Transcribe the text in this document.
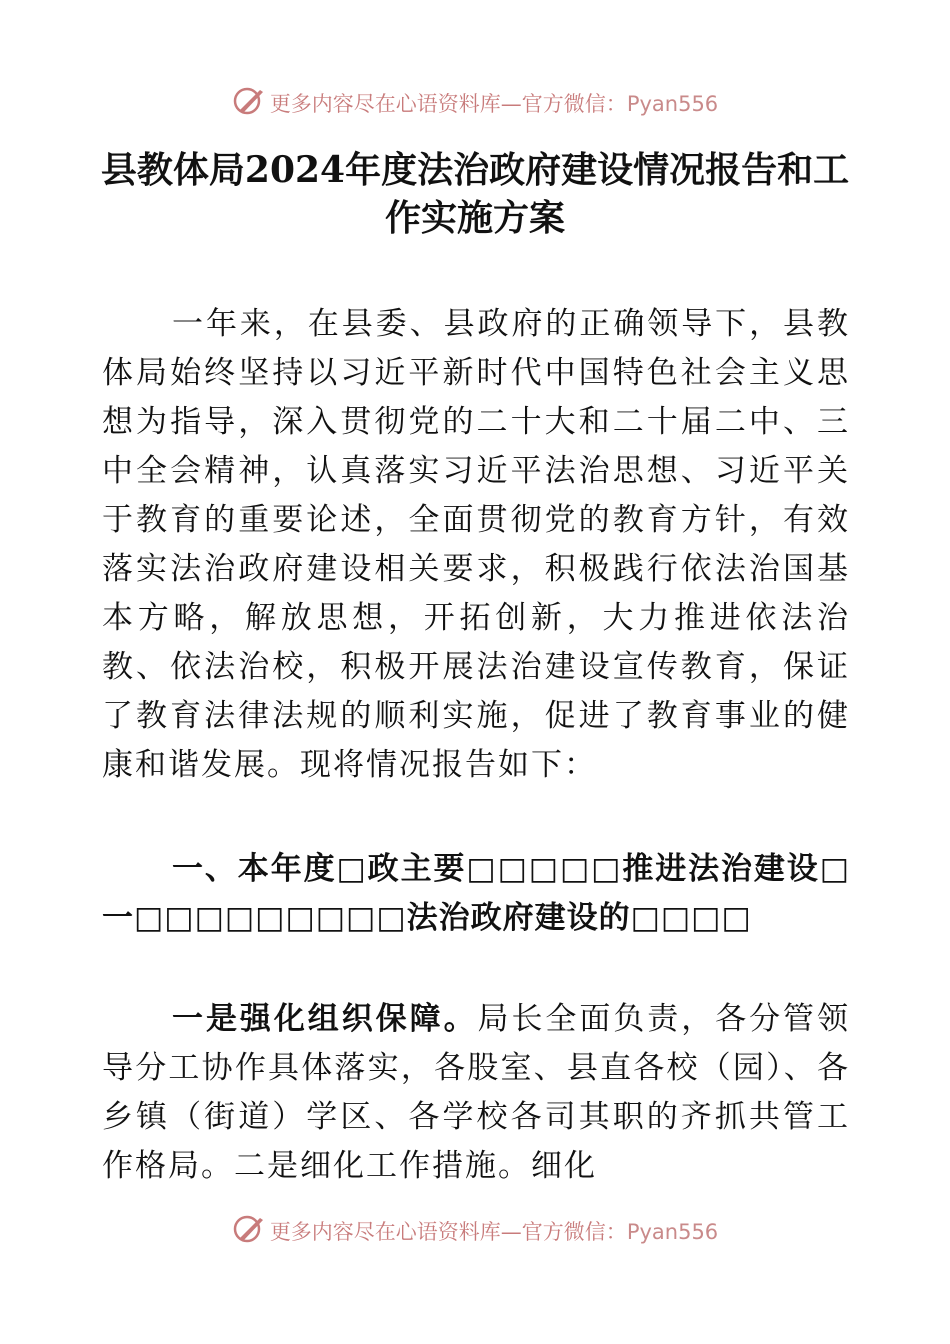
更多内容尽在心语资料库—官方微信：Pyan556
县教体局2024年度法治政府建设情况报告和工作实施方案
一年来，在县委、县政府的正确领导下，县教体局始终坚持以习近平新时代中国特色社会主义思想为指导，深入贯彻党的二十大和二十届二中、三中全会精神，认真落实习近平法治思想、习近平关于教育的重要论述，全面贯彻党的教育方针，有效落实法治政府建设相关要求，积极践行依法治国基本方略，解放思想，开拓创新，大力推进依法治教、依法治校，积极开展法治建设宣传教育，保证了教育法律法规的顺利实施，促进了教育事业的健康和谐发展。现将情况报告如下：
一、本年度□政主要□□□□□推进法治建设□一□□□□□□□□□法治政府建设的□□□□
一是强化组织保障。局长全面负责，各分管领导分工协作具体落实，各股室、县直各校（园）、各乡镇（街道）学区、各学校各司其职的齐抓共管工作格局。二是细化工作措施。细化
更多内容尽在心语资料库—官方微信：Pyan556
